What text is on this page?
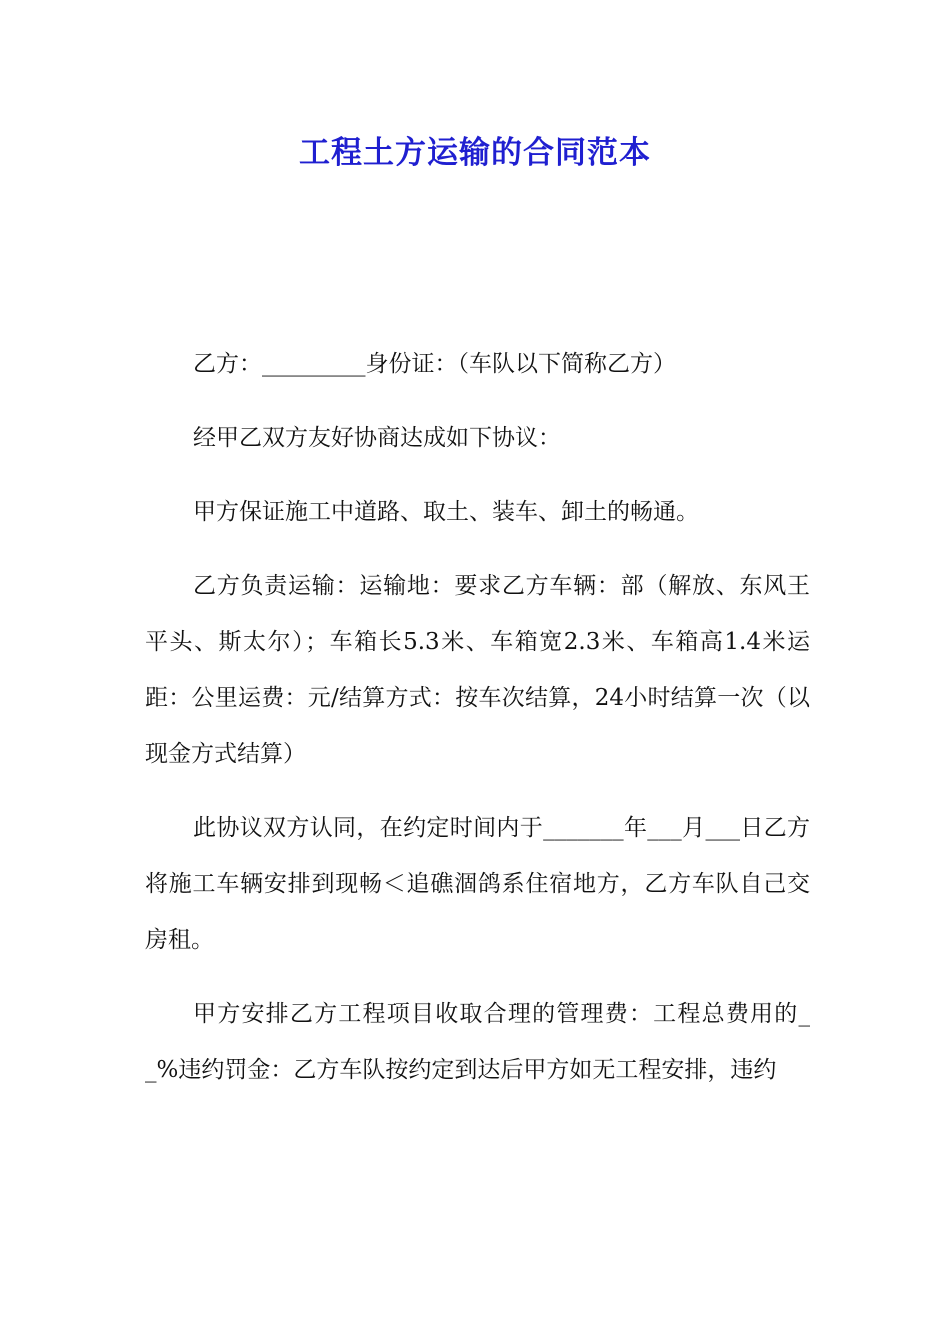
工程土方运输的合同范本

乙方：_________身份证：（车队以下简称乙方）

经甲乙双方友好协商达成如下协议：

甲方保证施工中道路、取土、装车、卸土的畅通。

乙方负责运输：运输地：要求乙方车辆：部（解放、东风王平头、斯太尔）；车箱长5.3米、车箱宽2.3米、车箱高1.4米运距：公里运费：元/结算方式：按车次结算，24小时结算一次（以现金方式结算）

此协议双方认同，在约定时间内于_______年___月___日乙方将施工车辆安排到现畅＜追礁涸鸽系住宿地方，乙方车队自己交房租。

甲方安排乙方工程项目收取合理的管理费：工程总费用的__%违约罚金：乙方车队按约定到达后甲方如无工程安排，违约
